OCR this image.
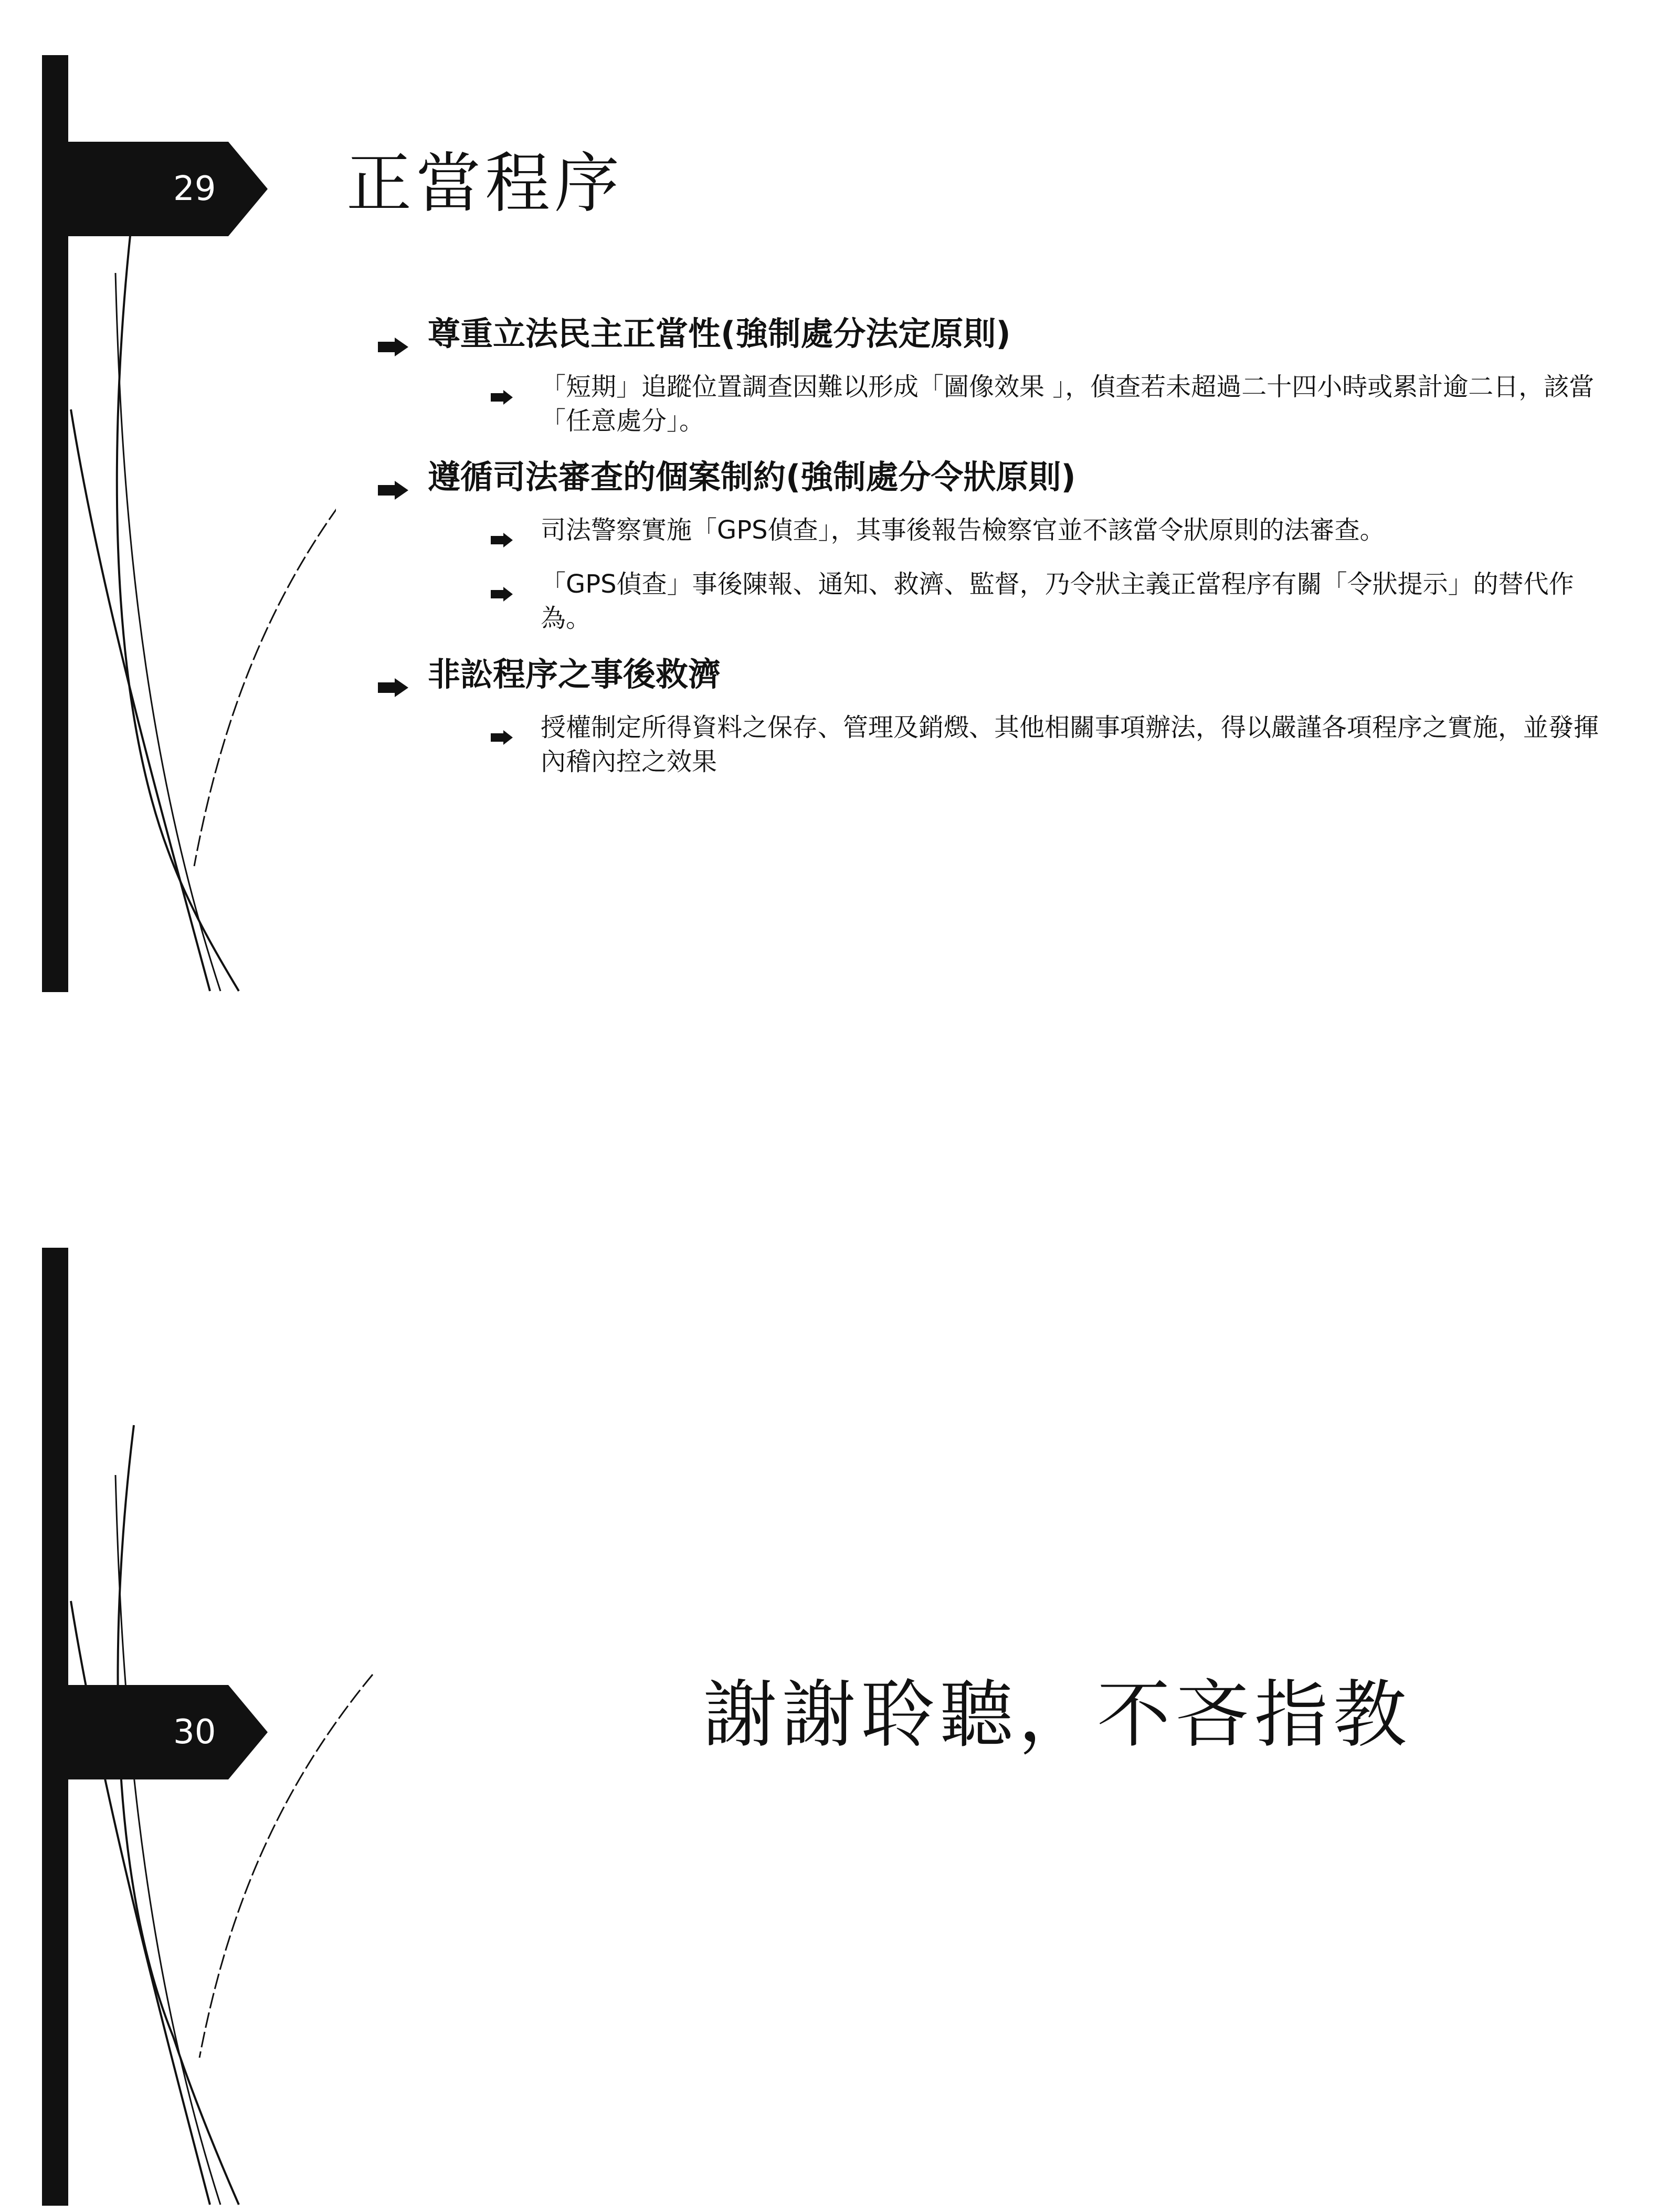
29 正當程序
尊重立法民主正當性(強制處分法定原則)
「短期」追蹤位置調查因難以形成「圖像效果 」，偵查若未超過二十四小時或累計逾二日，該當「任意處分」。
遵循司法審查的個案制約(強制處分令狀原則)
司法警察實施「GPS偵查」，其事後報告檢察官並不該當令狀原則的法審查。
「GPS偵查」事後陳報、通知、救濟、監督，乃令狀主義正當程序有關「令狀提示」的替代作為。
非訟程序之事後救濟
授權制定所得資料之保存、管理及銷燬、其他相關事項辦法，得以嚴謹各項程序之實施，並發揮內稽內控之效果
30	謝謝聆聽，不吝指教
